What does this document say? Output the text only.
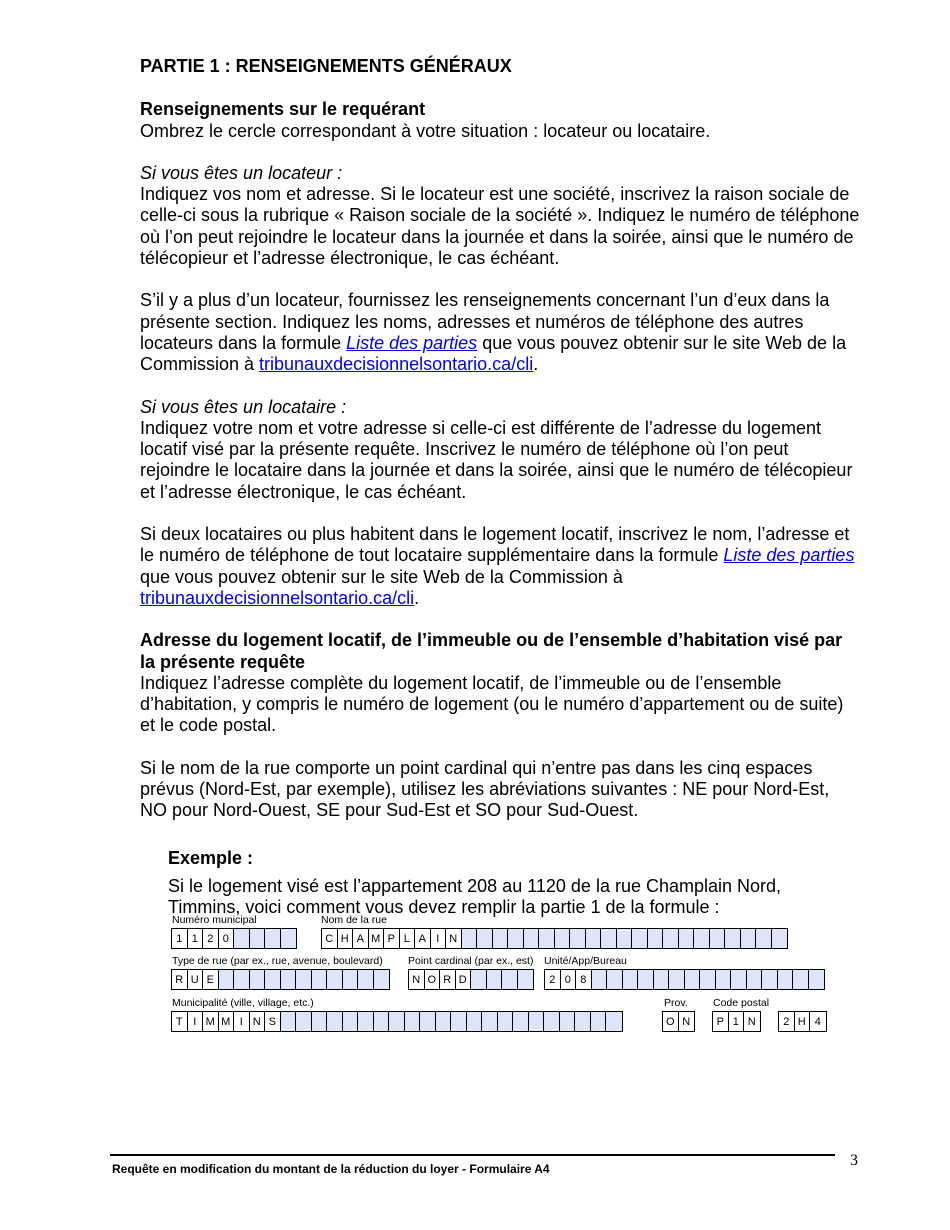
PARTIE 1 : RENSEIGNEMENTS GÉNÉRAUX
Renseignements sur le requérant

Ombrez le cercle correspondant à votre situation : locateur ou locataire.

Si vous êtes un locateur :

Indiquez vos nom et adresse. Si le locateur est une société, inscrivez la raison sociale de celle-ci sous la rubrique « Raison sociale de la société ». Indiquez le numéro de téléphone où l’on peut rejoindre le locateur dans la journée et dans la soirée, ainsi que le numéro de télécopieur et l’adresse électronique, le cas échéant.

S’il y a plus d’un locateur, fournissez les renseignements concernant l’un d’eux dans la présente section. Indiquez les noms, adresses et numéros de téléphone des autres locateurs dans la formule Liste des parties que vous pouvez obtenir sur le site Web de la Commission à tribunauxdecisionnelsontario.ca/cli.

Si vous êtes un locataire :

Indiquez votre nom et votre adresse si celle-ci est différente de l’adresse du logement locatif visé par la présente requête. Inscrivez le numéro de téléphone où l’on peut rejoindre le locataire dans la journée et dans la soirée, ainsi que le numéro de télécopieur et l’adresse électronique, le cas échéant.

Si deux locataires ou plus habitent dans le logement locatif, inscrivez le nom, l’adresse et le numéro de téléphone de tout locataire supplémentaire dans la formule Liste des parties que vous pouvez obtenir sur le site Web de la Commission à tribunauxdecisionnelsontario.ca/cli.

Adresse du logement locatif, de l’immeuble ou de l’ensemble d’habitation visé par la présente requête

Indiquez l’adresse complète du logement locatif, de l’immeuble ou de l’ensemble d’habitation, y compris le numéro de logement (ou le numéro d’appartement ou de suite) et le code postal.

Si le nom de la rue comporte un point cardinal qui n’entre pas dans les cinq espaces prévus (Nord-Est, par exemple), utilisez les abréviations suivantes : NE pour Nord-Est, NO pour Nord-Ouest, SE pour Sud-Est et SO pour Sud-Ouest.

Exemple :
Si le logement visé est l’appartement 208 au 1120 de la rue Champlain Nord, Timmins, voici comment vous devez remplir la partie 1 de la formule :
Numéro municipal
1 1 2 0
Nom de la rue
C H A M P L A I N
Type de rue (par ex., rue, avenue, boulevard)
R U E
Point cardinal (par ex., est)
N O R D
Unité/App/Bureau
2 0 8
Municipalité (ville, village, etc.)
T I M M I N S
Prov.
O N
Code postal
P 1 N	2 H 4
Requête en modification du montant de la réduction du loyer - Formulaire A4	3
